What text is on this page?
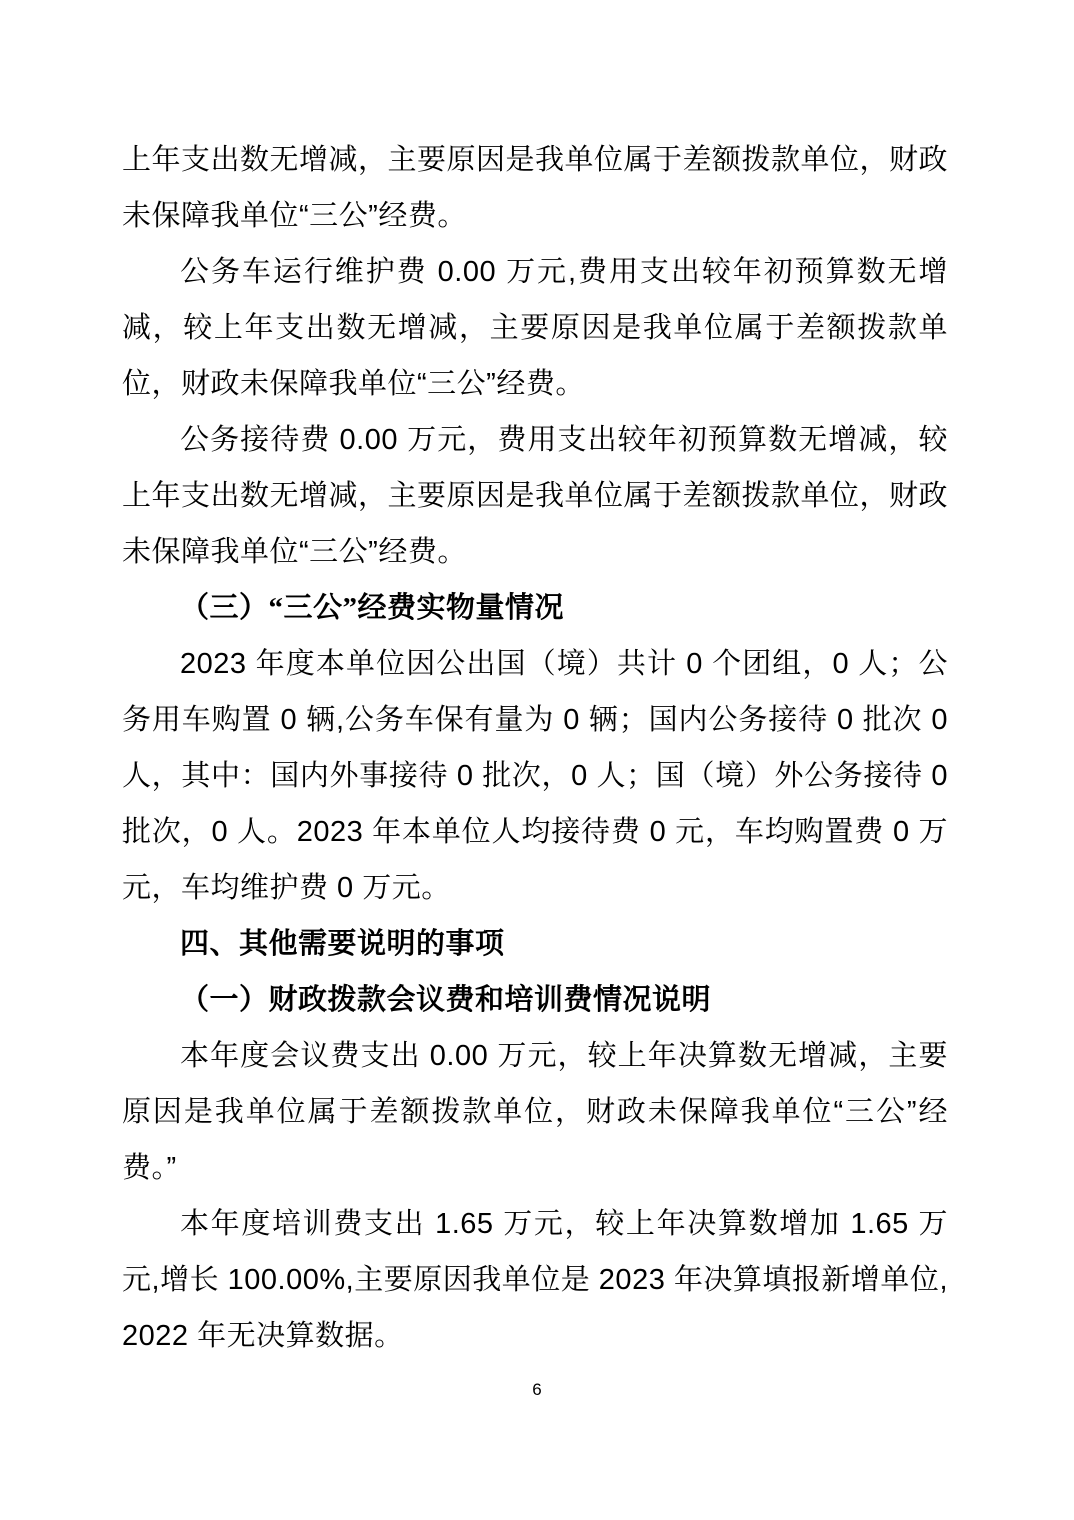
上年支出数无增减，主要原因是我单位属于差额拨款单位，财政未保障我单位“三公”经费。

公务车运行维护费 0.00 万元,费用支出较年初预算数无增减，较上年支出数无增减，主要原因是我单位属于差额拨款单位，财政未保障我单位“三公”经费。

公务接待费 0.00 万元，费用支出较年初预算数无增减，较上年支出数无增减，主要原因是我单位属于差额拨款单位，财政未保障我单位“三公”经费。

（三）“三公”经费实物量情况

2023 年度本单位因公出国（境）共计 0 个团组，0 人；公务用车购置 0 辆,公务车保有量为 0 辆；国内公务接待 0 批次 0 人，其中：国内外事接待 0 批次，0 人；国（境）外公务接待 0 批次，0 人。2023 年本单位人均接待费 0 元，车均购置费 0 万元，车均维护费 0 万元。

四、其他需要说明的事项

（一）财政拨款会议费和培训费情况说明

本年度会议费支出 0.00 万元，较上年决算数无增减，主要原因是我单位属于差额拨款单位，财政未保障我单位“三公”经费。”

本年度培训费支出 1.65 万元，较上年决算数增加 1.65 万元,增长 100.00%,主要原因我单位是 2023 年决算填报新增单位,2022 年无决算数据。

6
